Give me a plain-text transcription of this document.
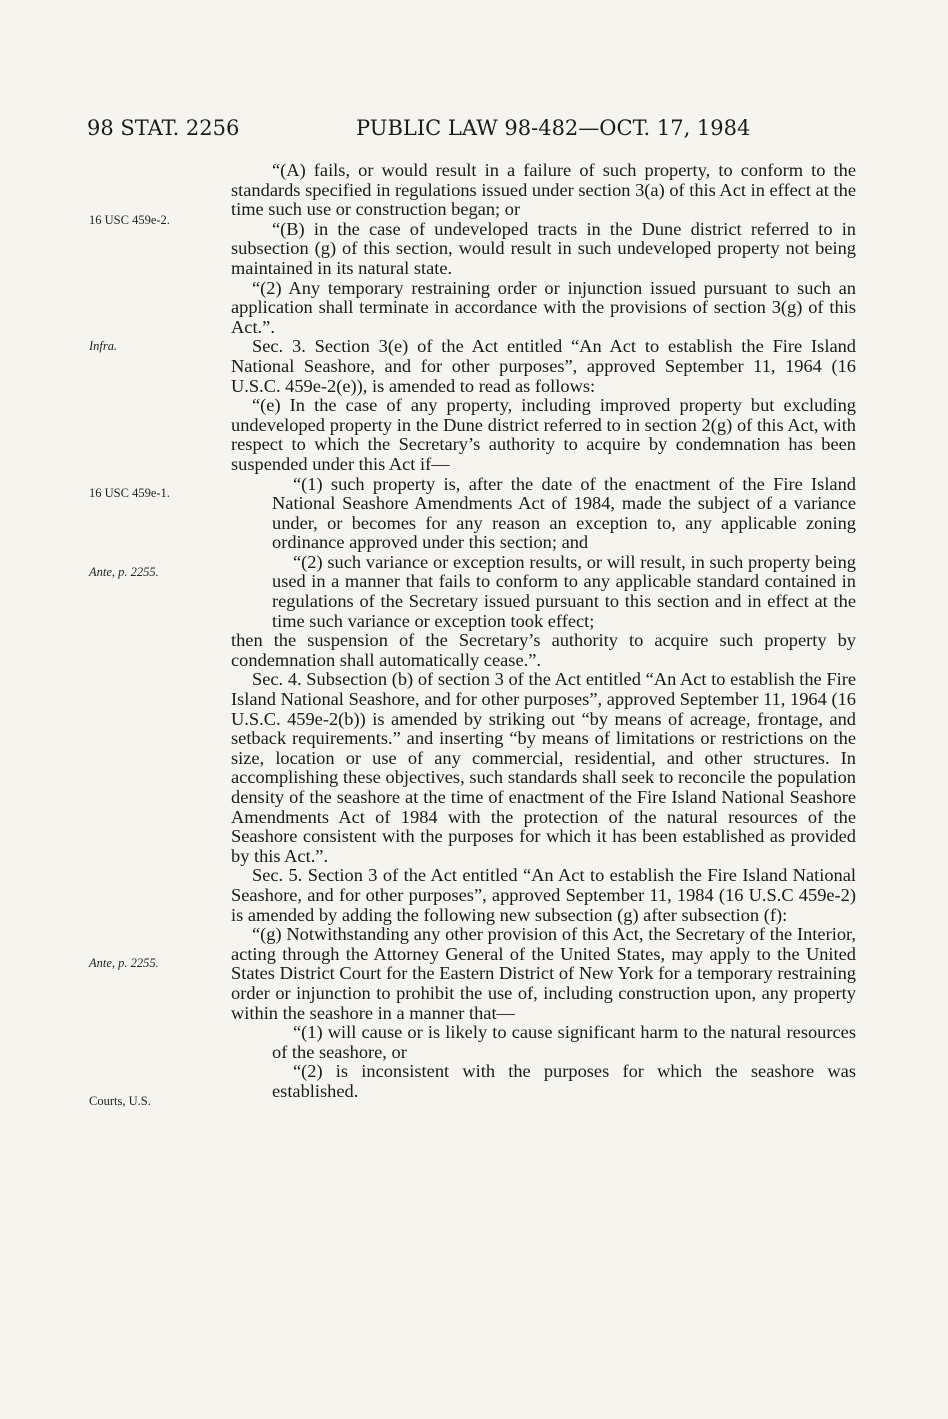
98 STAT. 2256	PUBLIC LAW 98-482—OCT. 17, 1984
16 USC 459e-2.
Infra.
16 USC 459e-1.
Ante, p. 2255.
Ante, p. 2255.
Courts, U.S.

“(A) fails, or would result in a failure of such property, to conform to the standards specified in regulations issued under section 3(a) of this Act in effect at the time such use or construction began; or

“(B) in the case of undeveloped tracts in the Dune district referred to in subsection (g) of this section, would result in such undeveloped property not being maintained in its natural state.

“(2) Any temporary restraining order or injunction issued pursuant to such an application shall terminate in accordance with the provisions of section 3(g) of this Act.”.

Sec. 3. Section 3(e) of the Act entitled “An Act to establish the Fire Island National Seashore, and for other purposes”, approved September 11, 1964 (16 U.S.C. 459e-2(e)), is amended to read as follows:

“(e) In the case of any property, including improved property but excluding undeveloped property in the Dune district referred to in section 2(g) of this Act, with respect to which the Secretary’s authority to acquire by condemnation has been suspended under this Act if—

“(1) such property is, after the date of the enactment of the Fire Island National Seashore Amendments Act of 1984, made the subject of a variance under, or becomes for any reason an exception to, any applicable zoning ordinance approved under this section; and

“(2) such variance or exception results, or will result, in such property being used in a manner that fails to conform to any applicable standard contained in regulations of the Secretary issued pursuant to this section and in effect at the time such variance or exception took effect;

then the suspension of the Secretary’s authority to acquire such property by condemnation shall automatically cease.”.

Sec. 4. Subsection (b) of section 3 of the Act entitled “An Act to establish the Fire Island National Seashore, and for other purposes”, approved September 11, 1964 (16 U.S.C. 459e-2(b)) is amended by striking out “by means of acreage, frontage, and setback requirements.” and inserting “by means of limitations or restrictions on the size, location or use of any commercial, residential, and other structures. In accomplishing these objectives, such standards shall seek to reconcile the population density of the seashore at the time of enactment of the Fire Island National Seashore Amendments Act of 1984 with the protection of the natural resources of the Seashore consistent with the purposes for which it has been established as provided by this Act.”.

Sec. 5. Section 3 of the Act entitled “An Act to establish the Fire Island National Seashore, and for other purposes”, approved September 11, 1984 (16 U.S.C 459e-2) is amended by adding the following new subsection (g) after subsection (f):

“(g) Notwithstanding any other provision of this Act, the Secretary of the Interior, acting through the Attorney General of the United States, may apply to the United States District Court for the Eastern District of New York for a temporary restraining order or injunction to prohibit the use of, including construction upon, any property within the seashore in a manner that—

“(1) will cause or is likely to cause significant harm to the natural resources of the seashore, or

“(2) is inconsistent with the purposes for which the seashore was established.
